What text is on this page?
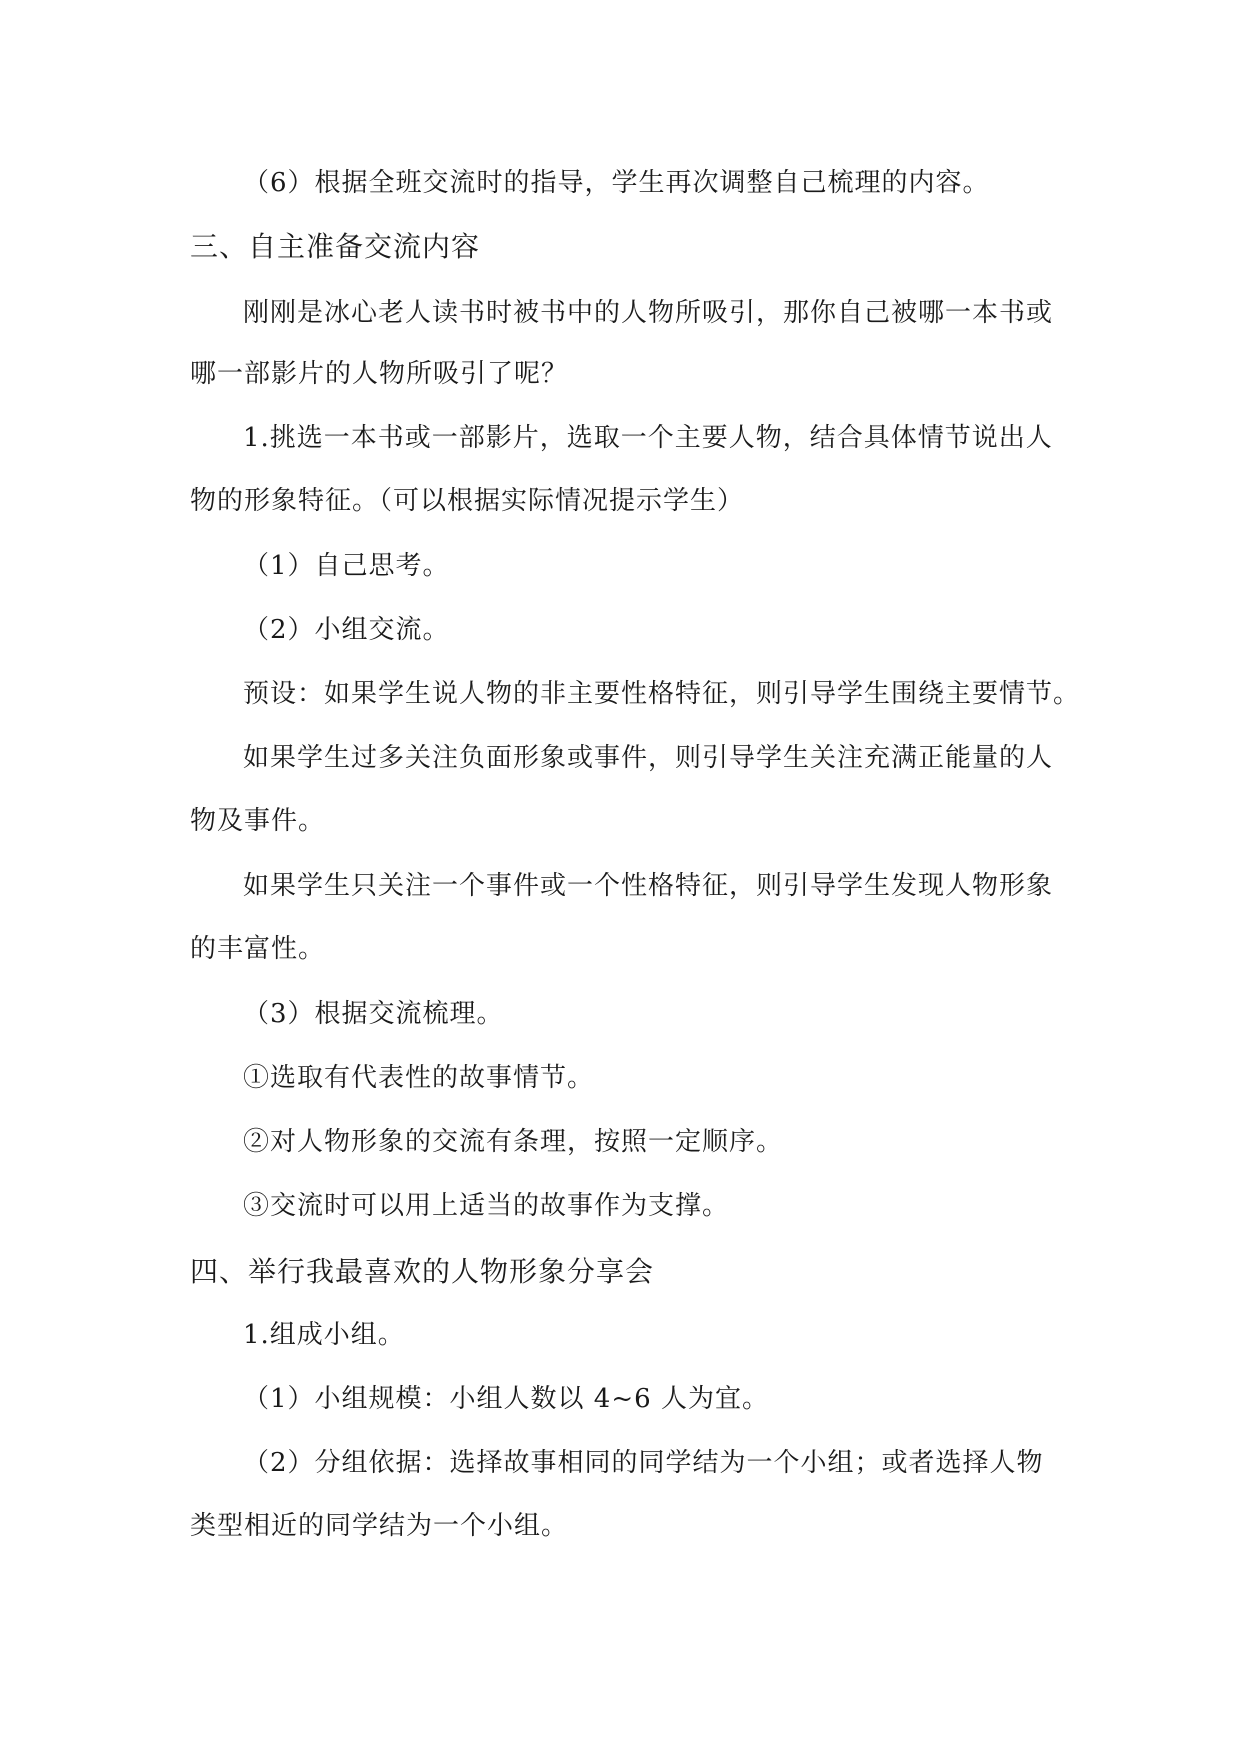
（6）根据全班交流时的指导，学生再次调整自己梳理的内容。
三、自主准备交流内容
刚刚是冰心老人读书时被书中的人物所吸引，那你自己被哪一本书或
哪一部影片的人物所吸引了呢？
1.挑选一本书或一部影片，选取一个主要人物，结合具体情节说出人
物的形象特征。（可以根据实际情况提示学生）
（1）自己思考。
（2）小组交流。
预设：如果学生说人物的非主要性格特征，则引导学生围绕主要情节。
如果学生过多关注负面形象或事件，则引导学生关注充满正能量的人
物及事件。
如果学生只关注一个事件或一个性格特征，则引导学生发现人物形象
的丰富性。
（3）根据交流梳理。
①选取有代表性的故事情节。
②对人物形象的交流有条理，按照一定顺序。
③交流时可以用上适当的故事作为支撑。
四、举行我最喜欢的人物形象分享会
1.组成小组。
（1）小组规模：小组人数以 4~6 人为宜。
（2）分组依据：选择故事相同的同学结为一个小组；或者选择人物
类型相近的同学结为一个小组。
